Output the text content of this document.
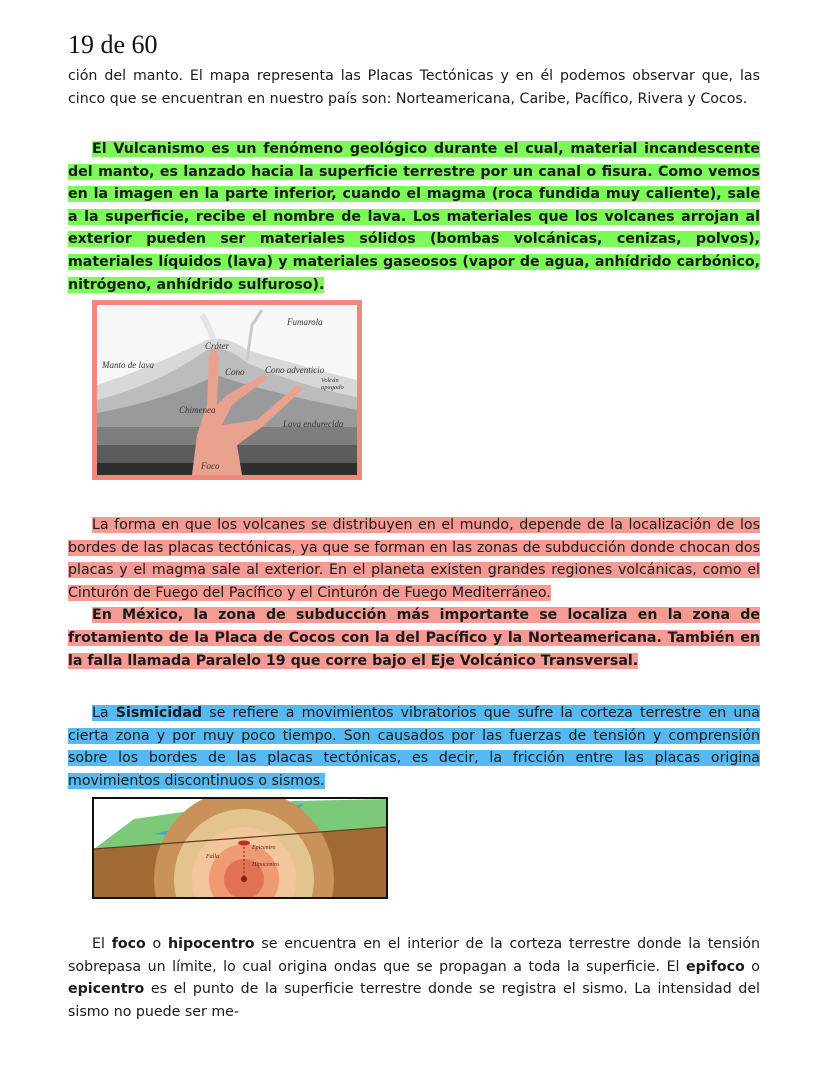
19 de 60
ción del manto. El mapa representa las Placas Tectónicas y en él podemos observar que, las cinco que se encuentran en nuestro país son: Norteamericana, Caribe, Pacífico, Rivera y Cocos.
El Vulcanismo es un fenómeno geológico durante el cual, material incandescente del manto, es lanzado hacia la superficie terrestre por un canal o fisura. Como vemos en la imagen en la parte inferior, cuando el magma (roca fundida muy caliente), sale a la superficie, recibe el nombre de lava. Los materiales que los volcanes arrojan al exterior pueden ser materiales sólidos (bombas volcánicas, cenizas, polvos), materiales líquidos (lava) y materiales gaseosos (vapor de agua, anhídrido carbónico, nitrógeno, anhídrido sulfuroso).
Fumarola
Cráter
Manto de lava
Cono Cono adventicio
Volcán
apagado
Chimenea
Lava endurecida
Foco
La forma en que los volcanes se distribuyen en el mundo, depende de la localización de los bordes de las placas tectónicas, ya que se forman en las zonas de subducción donde chocan dos placas y el magma sale al exterior. En el planeta existen grandes regiones volcánicas, como el Cinturón de Fuego del Pacífico y el Cinturón de Fuego Mediterráneo.
En México, la zona de subducción más importante se localiza en la zona de frotamiento de la Placa de Cocos con la del Pacífico y la Norteamericana. También en la falla llamada Paralelo 19 que corre bajo el Eje Volcánico Transversal.
La Sismicidad se refiere a movimientos vibratorios que sufre la corteza terrestre en una cierta zona y por muy poco tiempo. Son causados por las fuerzas de tensión y comprensión sobre los bordes de las placas tectónicas, es decir, la fricción entre las placas origina movimientos discontinuos o sismos.
Epicentro
Falla
Hipocentro
El foco o hipocentro se encuentra en el interior de la corteza terrestre donde la tensión sobrepasa un límite, lo cual origina ondas que se propagan a toda la superficie. El epifoco o epicentro es el punto de la superficie terrestre donde se registra el sismo. La intensidad del sismo no puede ser me-
